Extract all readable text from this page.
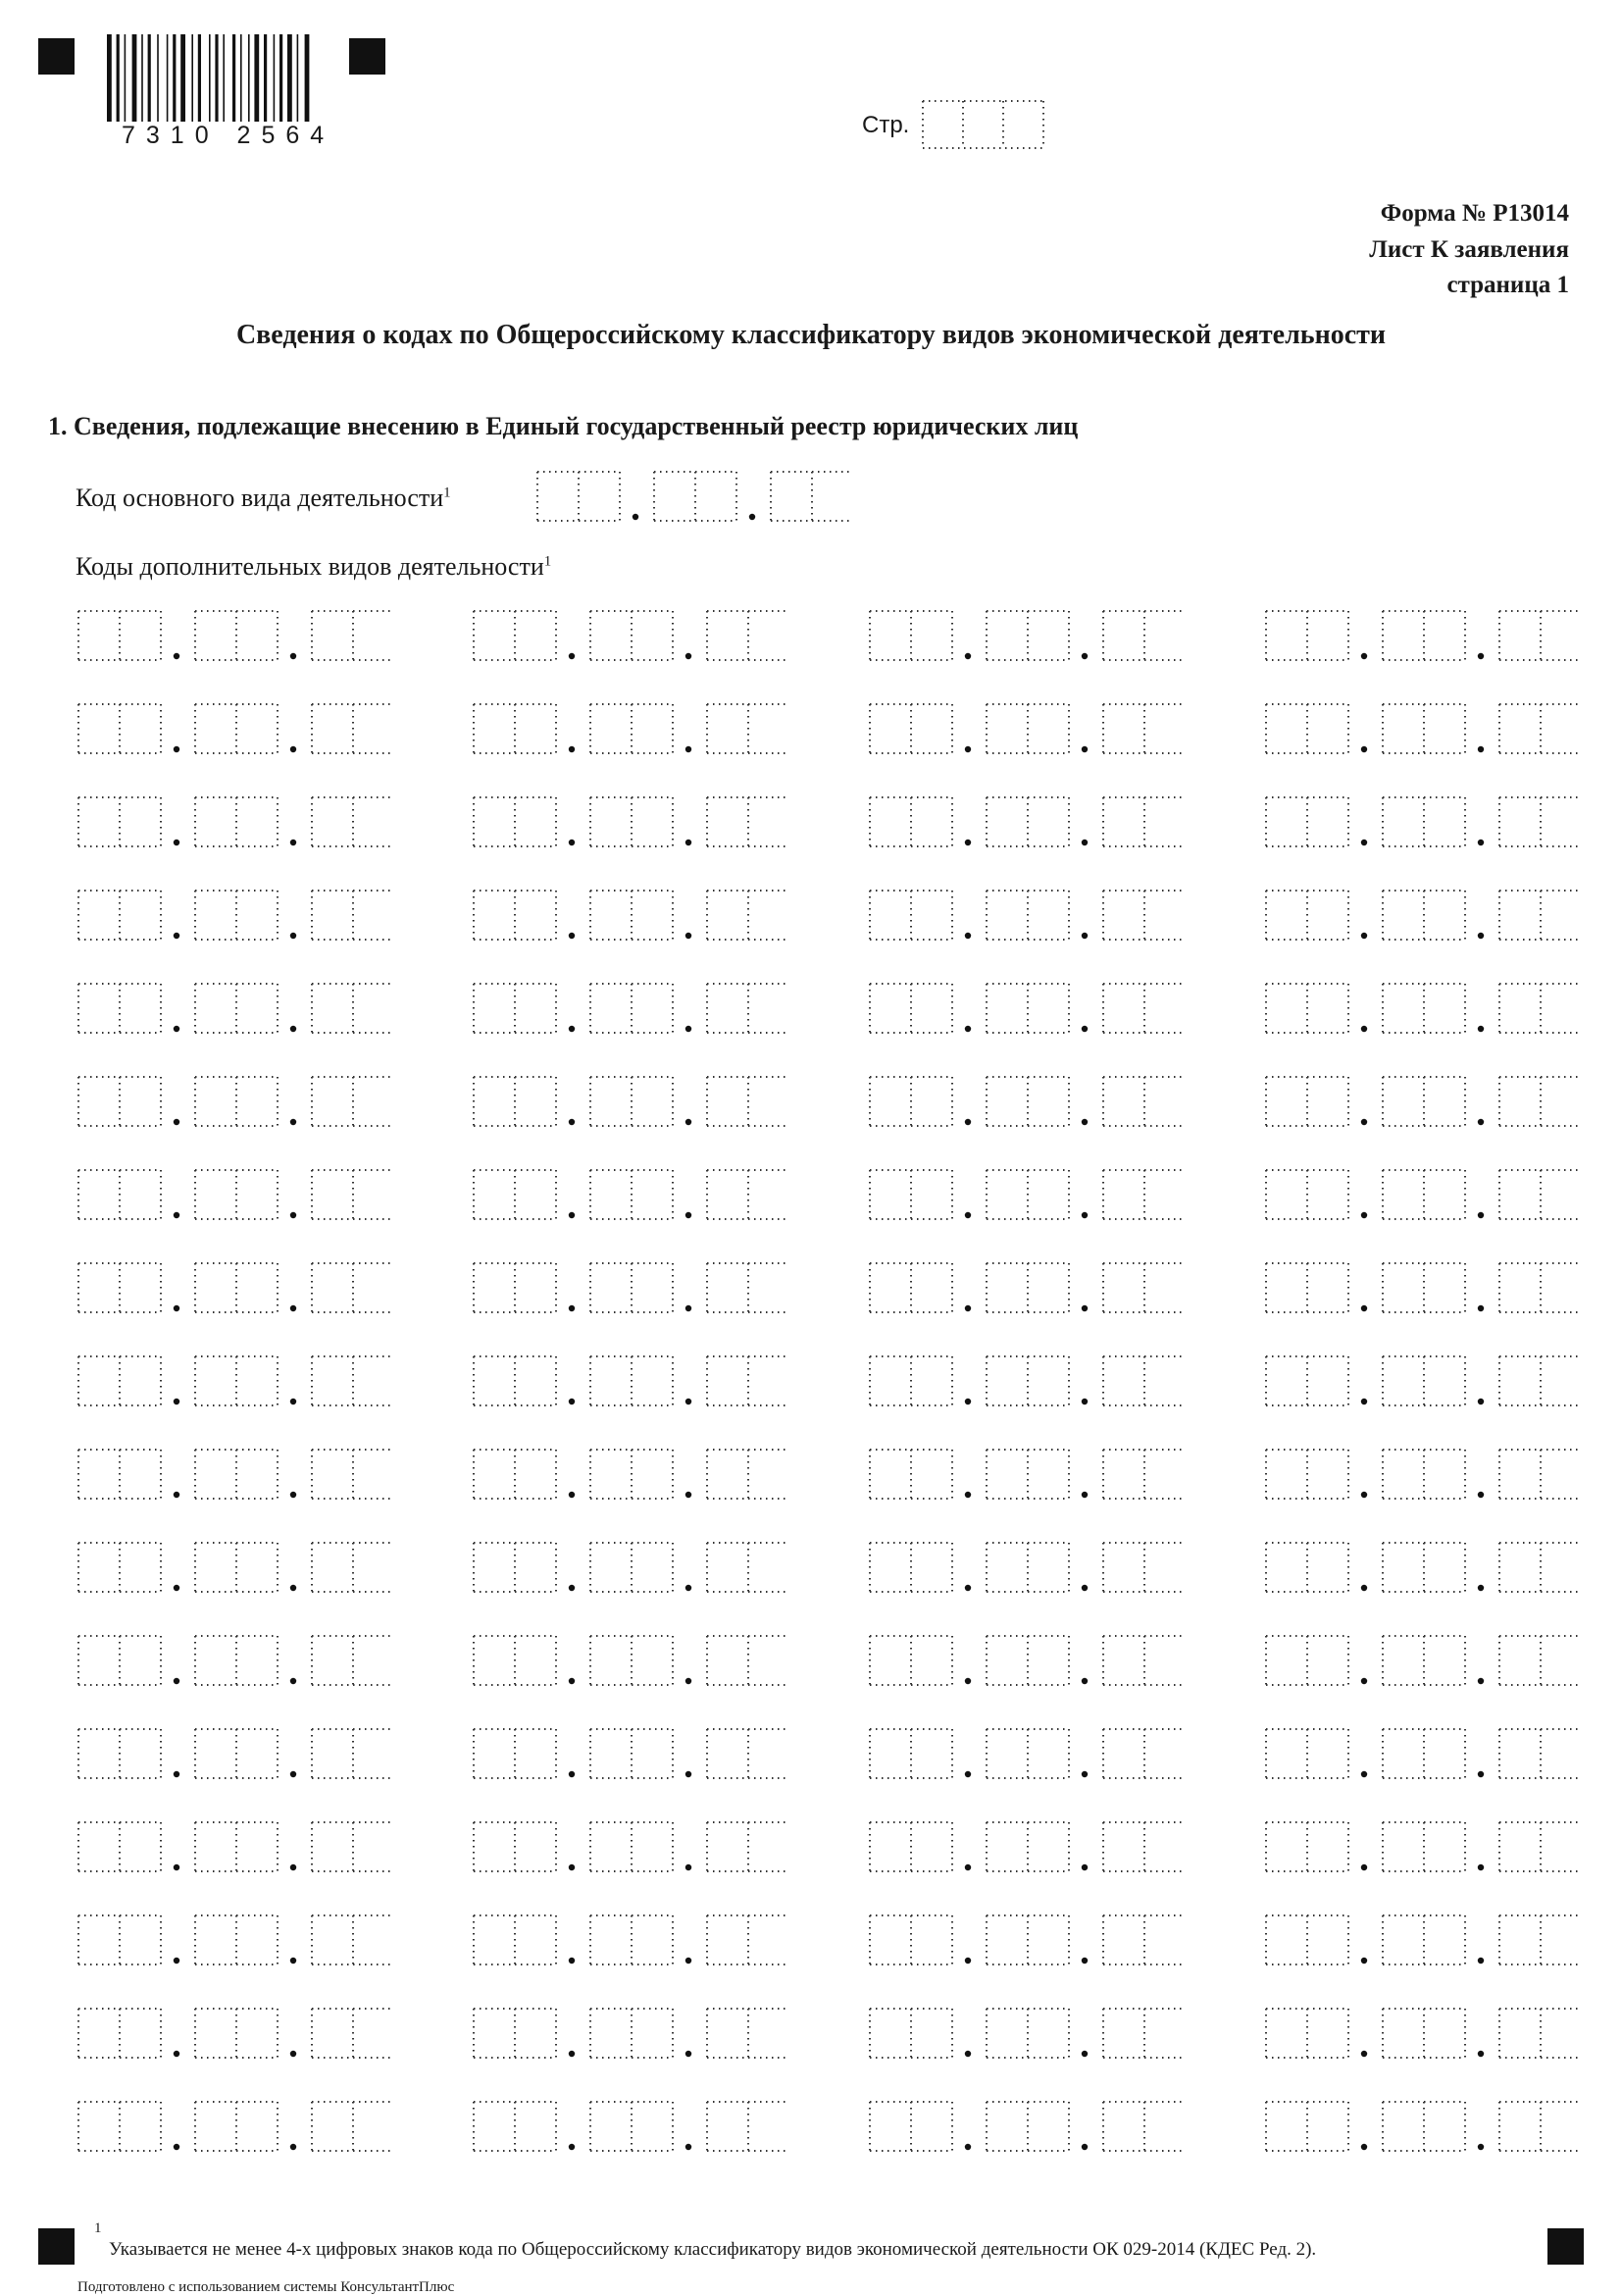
7310 2564	Стр.
Форма № Р13014
Лист К заявления
страница 1
Сведения о кодах по Общероссийскому классификатору видов экономической деятельности
1. Сведения, подлежащие внесению в Единый государственный реестр юридических лиц
Код основного вида деятельности$^1$
Коды дополнительных видов деятельности$^1$
1
Указывается не менее 4-х цифровых знаков кода по Общероссийскому классификатору видов экономической деятельности ОК 029-2014 (КДЕС Ред. 2).
Подготовлено с использованием системы КонсультантПлюс
